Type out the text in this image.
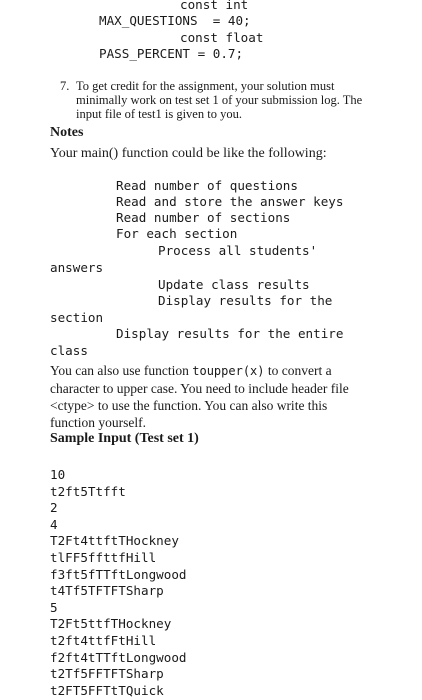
const int
MAX_QUESTIONS  = 40;
const float
PASS_PERCENT = 0.7;
7. To get credit for the assignment, your solution must
minimally work on test set 1 of your submission log. The
input file of test1 is given to you.
Notes
Your main() function could be like the following:
Read number of questions
Read and store the answer keys
Read number of sections
For each section
Process all students'
answers
Update class results
Display results for the
section
Display results for the entire
class
You can also use function toupper(x) to convert a
character to upper case. You need to include header file
<ctype> to use the function. You can also write this
function yourself.
Sample Input (Test set 1)
10
t2ft5Ttfft
2
4
T2Ft4ttftTHockney
tlFF5ffttfHill
f3ft5fTTftLongwood
t4Tf5TFTFTSharp
5
T2Ft5ttfTHockney
t2ft4ttfFtHill
f2ft4tTTftLongwood
t2Tf5FFTFTSharp
t2FT5FFTtTQuick
